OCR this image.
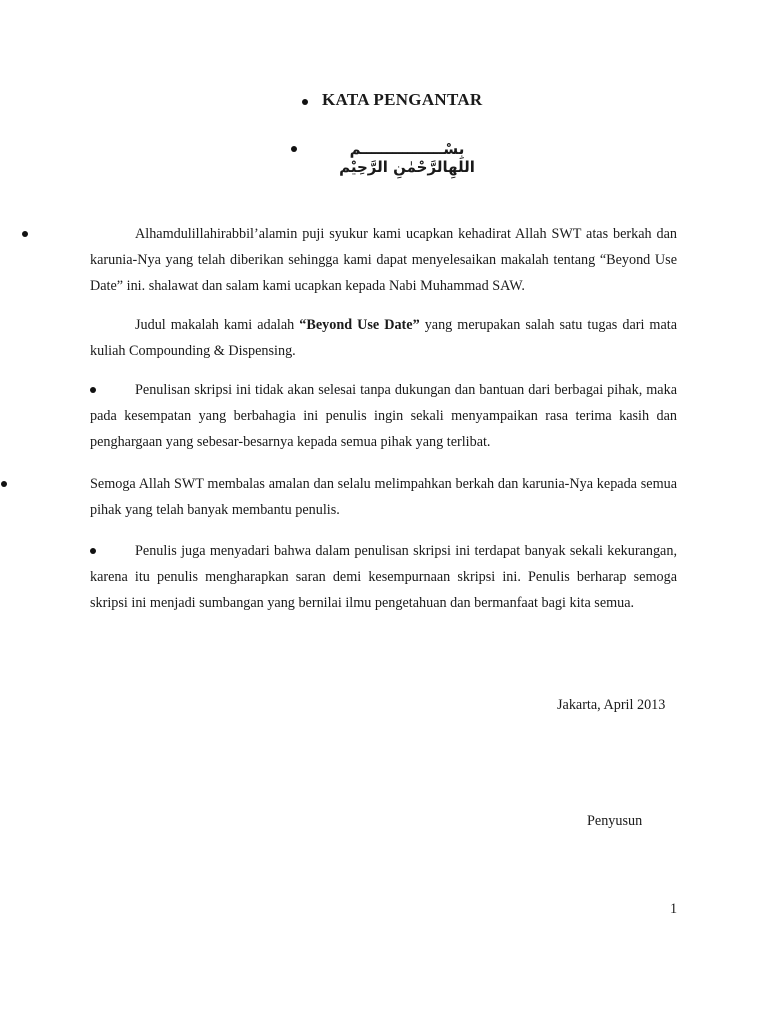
KATA PENGANTAR
بِسْــــــــــــــــم اللهِالرَّحْمٰنِ الرَّحِيْم
Alhamdulillahirabbil’alamin puji syukur kami ucapkan kehadirat Allah SWT atas berkah dan karunia-Nya yang telah diberikan sehingga kami dapat menyelesaikan makalah tentang “Beyond Use Date” ini. shalawat dan salam kami ucapkan kepada Nabi Muhammad SAW.
Judul makalah kami adalah “Beyond Use Date” yang merupakan salah satu tugas dari mata kuliah Compounding & Dispensing.
Penulisan skripsi ini tidak akan selesai tanpa dukungan dan bantuan dari berbagai pihak, maka pada kesempatan yang berbahagia ini penulis ingin sekali menyampaikan rasa terima kasih dan penghargaan yang sebesar-besarnya kepada semua pihak yang terlibat.
Semoga Allah SWT membalas amalan dan selalu melimpahkan berkah dan karunia-Nya kepada semua pihak yang telah banyak membantu penulis.
Penulis juga menyadari bahwa dalam penulisan skripsi ini terdapat banyak sekali kekurangan, karena itu penulis mengharapkan saran demi kesempurnaan skripsi ini. Penulis berharap semoga skripsi ini menjadi sumbangan yang bernilai ilmu pengetahuan dan bermanfaat bagi kita semua.
Jakarta, April 2013
Penyusun
1
